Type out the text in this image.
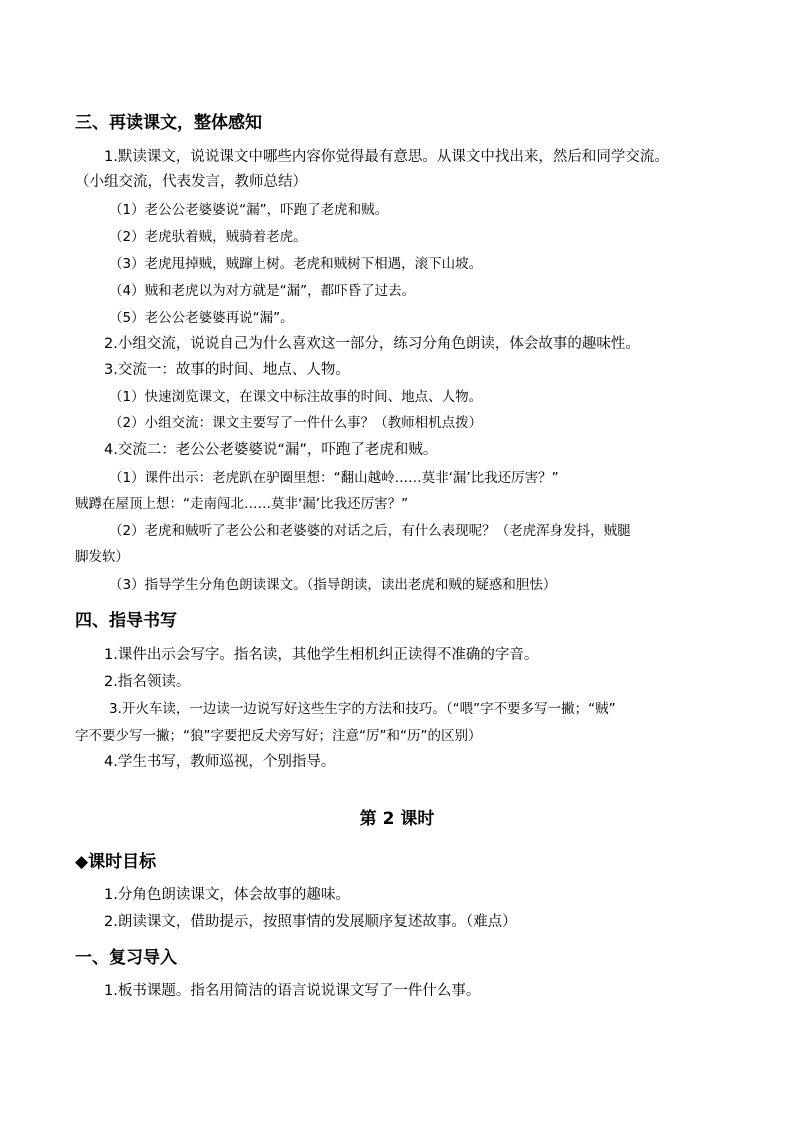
三、再读课文，整体感知
1.默读课文，说说课文中哪些内容你觉得最有意思。从课文中找出来，然后和同学交流。
（小组交流，代表发言，教师总结）
（1）老公公老婆婆说“漏”，吓跑了老虎和贼。
（2）老虎驮着贼，贼骑着老虎。
（3）老虎甩掉贼，贼蹿上树。老虎和贼树下相遇，滚下山坡。
（4）贼和老虎以为对方就是“漏”，都吓昏了过去。
（5）老公公老婆婆再说“漏”。
2.小组交流，说说自己为什么喜欢这一部分，练习分角色朗读，体会故事的趣味性。
3.交流一：故事的时间、地点、人物。
（1）快速浏览课文，在课文中标注故事的时间、地点、人物。
（2）小组交流：课文主要写了一件什么事？（教师相机点拨）
4.交流二：老公公老婆婆说“漏”，吓跑了老虎和贼。
（1）课件出示：老虎趴在驴圈里想：“翻山越岭……莫非‘漏’比我还厉害？”
贼蹲在屋顶上想：“走南闯北……莫非‘漏’比我还厉害？”
（2）老虎和贼听了老公公和老婆婆的对话之后，有什么表现呢？（老虎浑身发抖，贼腿
脚发软）
（3）指导学生分角色朗读课文。（指导朗读，读出老虎和贼的疑惑和胆怯）
四、指导书写
1.课件出示会写字。指名读，其他学生相机纠正读得不准确的字音。
2.指名领读。
3.开火车读，一边读一边说写好这些生字的方法和技巧。（“喂”字不要多写一撇；“贼”
字不要少写一撇；“狼”字要把反犬旁写好；注意“厉”和“历”的区别）
4.学生书写，教师巡视，个别指导。
第 2 课时
◆课时目标
1.分角色朗读课文，体会故事的趣味。
2.朗读课文，借助提示，按照事情的发展顺序复述故事。（难点）
一、复习导入
1.板书课题。指名用简洁的语言说说课文写了一件什么事。
